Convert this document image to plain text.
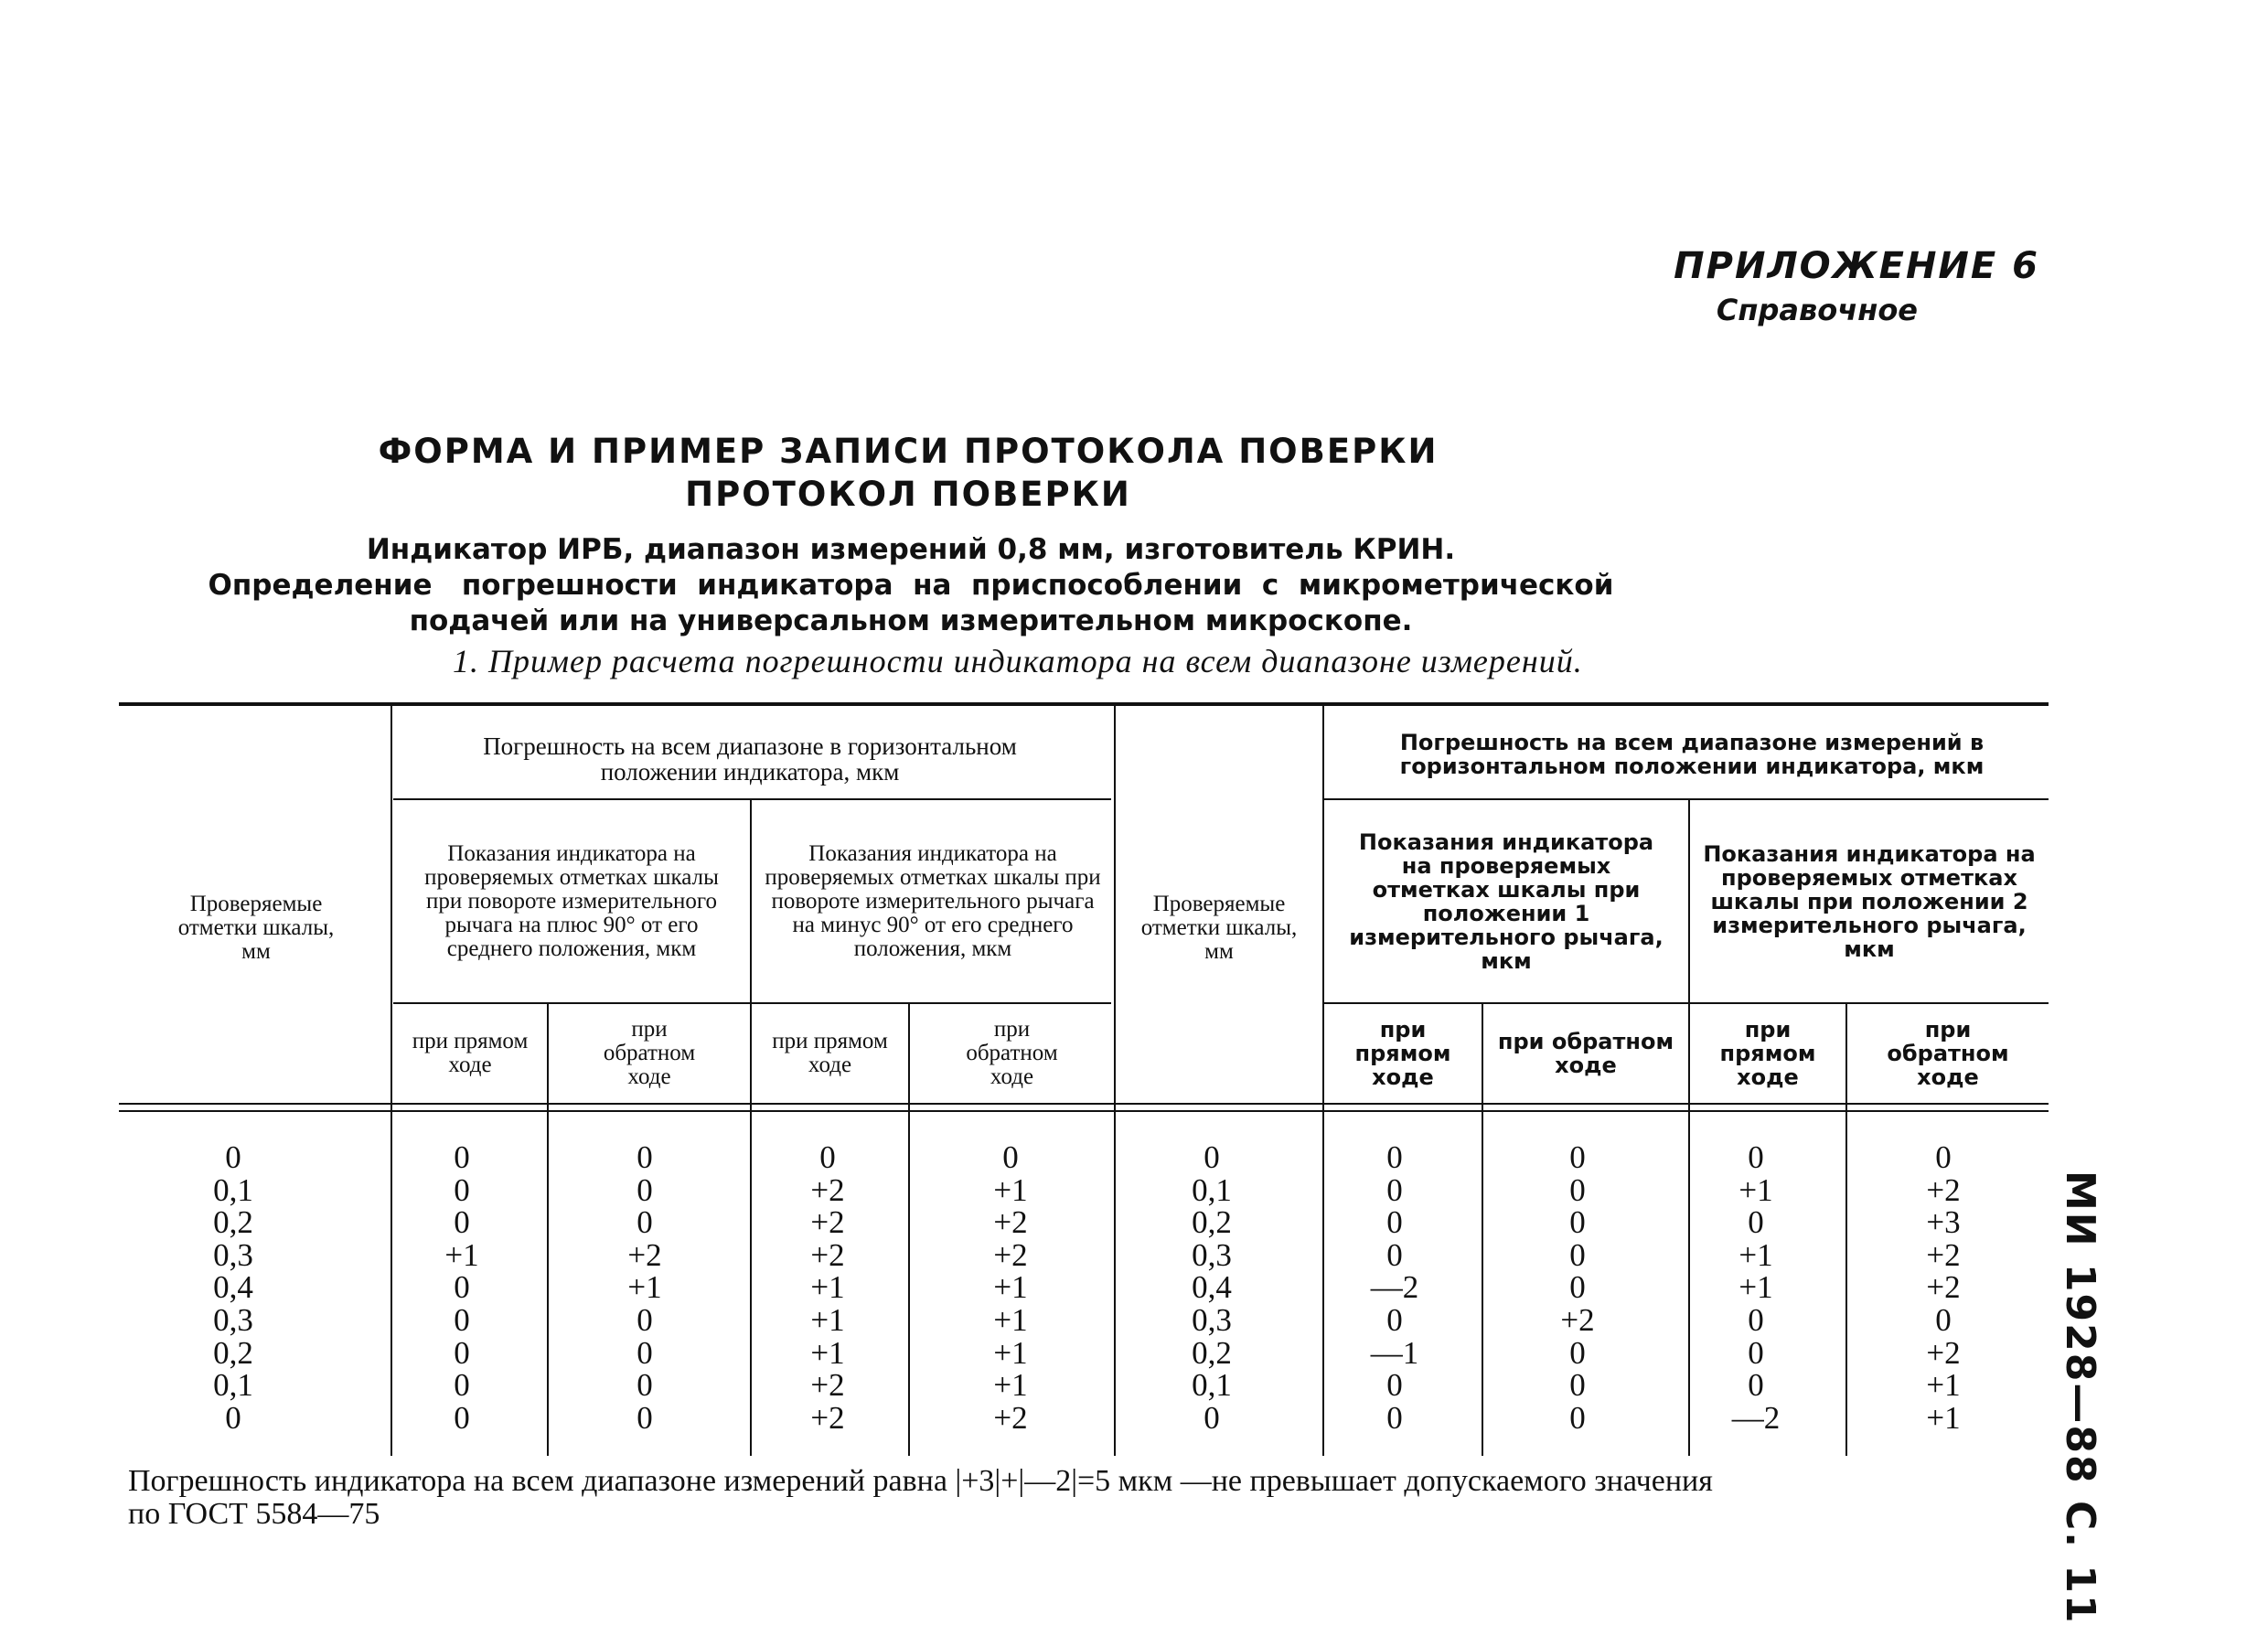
ПРИЛОЖЕНИЕ 6
Справочное
ФОРМА И ПРИМЕР ЗАПИСИ ПРОТОКОЛА ПОВЕРКИ
ПРОТОКОЛ ПОВЕРКИ
Индикатор ИРБ, диапазон измерений 0,8 мм, изготовитель КРИН.
Определение   погрешности  индикатора  на  приспособлении  с  микрометрической
подачей или на универсальном измерительном микроскопе.
1. Пример расчета погрешности индикатора на всем диапазоне измерений.
Проверяемые отметки шкалы, мм
Погрешность на всем диапазоне в горизонтальном положении индикатора, мкм
Показания индикатора на проверяемых отметках шкалы при повороте измерительного рычага на плюс 90° от его среднего положения, мкм
Показания индикатора на проверяемых отметках шкалы при повороте измерительного рычага на минус 90° от его среднего положения, мкм
Проверяемые отметки шкалы, мм
Погрешность на всем диапазоне измерений в горизонтальном положении индикатора, мкм
Показания индикатора на проверяемых отметках шкалы при положении 1 измерительного рычага, мкм
Показания индикатора на проверяемых отметках шкалы при положении 2 измерительного рычага, мкм
при прямом ходе
при обратном ходе
при прямом ходе
при обратном ходе
при прямом ходе
при обратном ходе
при прямом ходе
при обратном ходе
0
0,1
0,2
0,3
0,4
0,3
0,2
0,1
0
0
0
0
+1
0
0
0
0
0
0
0
0
+2
+1
0
0
0
0
0
+2
+2
+2
+1
+1
+1
+2
+2
0
+1
+2
+2
+1
+1
+1
+1
+2
0
0,1
0,2
0,3
0,4
0,3
0,2
0,1
0
0
0
0
0
—2
0
—1
0
0
0
0
0
0
0
+2
0
0
0
0
+1
0
+1
+1
0
0
0
—2
0
+2
+3
+2
+2
0
+2
+1
+1
Погрешность индикатора на всем диапазоне измерений равна |+3|+|—2|=5 мкм —не превышает допускаемого значения
по ГОСТ 5584—75	МИ 1928—88 С. 11
